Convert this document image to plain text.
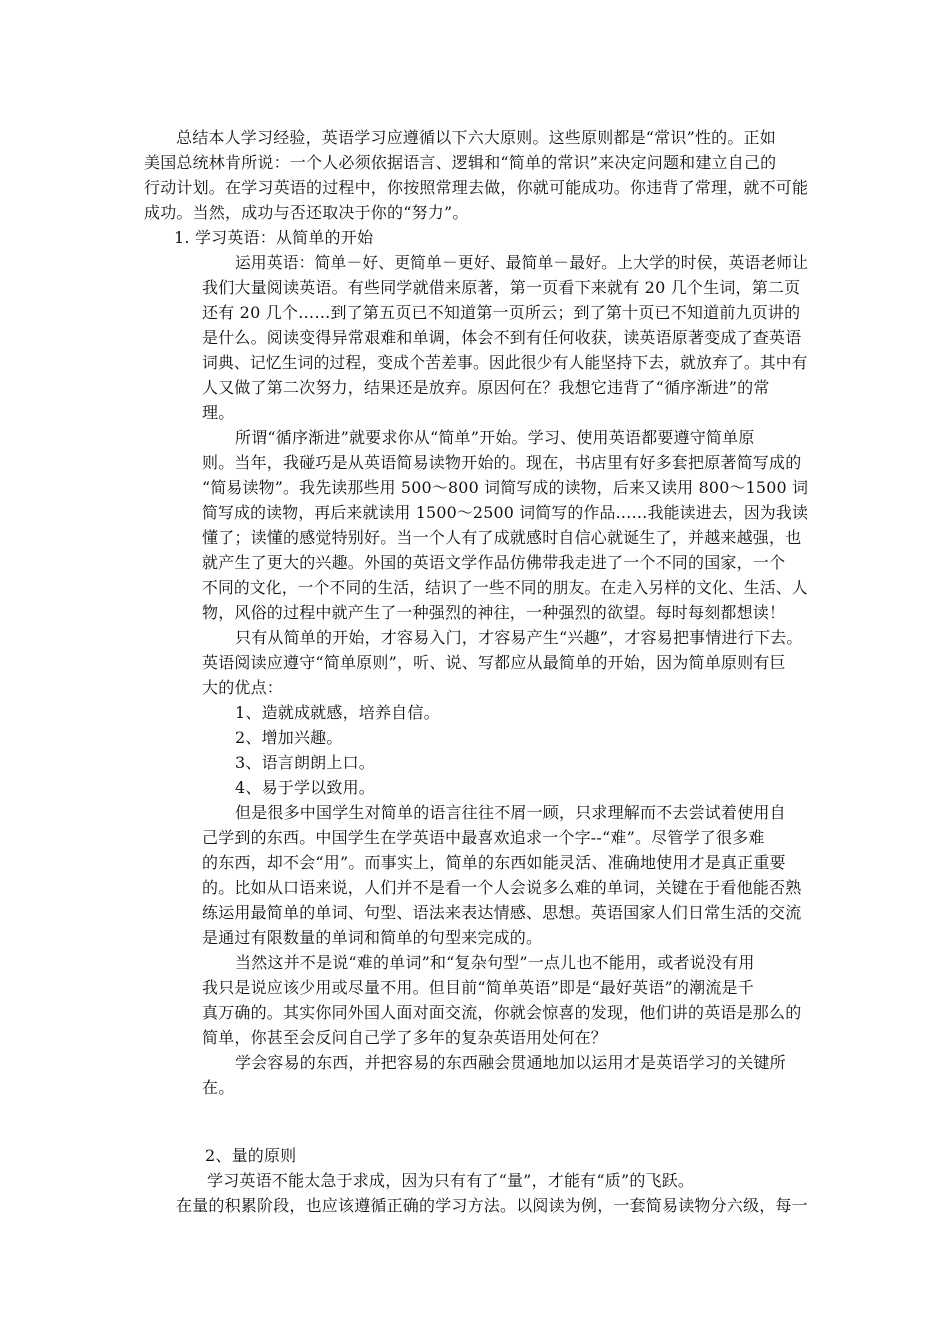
总结本人学习经验，英语学习应遵循以下六大原则。这些原则都是“常识”性的。正如
美国总统林肯所说：一个人必须依据语言、逻辑和“简单的常识”来决定问题和建立自己的
行动计划。在学习英语的过程中，你按照常理去做，你就可能成功。你违背了常理，就不可能
成功。当然，成功与否还取决于你的“努力”。
1. 学习英语：从简单的开始
运用英语：简单－好、更简单－更好、最简单－最好。上大学的时侯，英语老师让
我们大量阅读英语。有些同学就借来原著，第一页看下来就有 20 几个生词，第二页
还有 20 几个……到了第五页已不知道第一页所云；到了第十页已不知道前九页讲的
是什么。阅读变得异常艰难和单调，体会不到有任何收获，读英语原著变成了查英语
词典、记忆生词的过程，变成个苦差事。因此很少有人能坚持下去，就放弃了。其中有
人又做了第二次努力，结果还是放弃。原因何在？我想它违背了“循序渐进”的常
理。
所谓“循序渐进”就要求你从“简单”开始。学习、使用英语都要遵守简单原
则。当年，我碰巧是从英语简易读物开始的。现在，书店里有好多套把原著简写成的
“简易读物”。我先读那些用 500～800 词简写成的读物，后来又读用 800～1500 词
简写成的读物，再后来就读用 1500～2500 词简写的作品……我能读进去，因为我读
懂了；读懂的感觉特别好。当一个人有了成就感时自信心就诞生了，并越来越强，也
就产生了更大的兴趣。外国的英语文学作品仿佛带我走进了一个不同的国家，一个
不同的文化，一个不同的生活，结识了一些不同的朋友。在走入另样的文化、生活、人
物，风俗的过程中就产生了一种强烈的神往，一种强烈的欲望。每时每刻都想读！
只有从简单的开始，才容易入门，才容易产生“兴趣”，才容易把事情进行下去。
英语阅读应遵守“简单原则”，听、说、写都应从最简单的开始，因为简单原则有巨
大的优点：
1、造就成就感，培养自信。
2、增加兴趣。
3、语言朗朗上口。
4、易于学以致用。
但是很多中国学生对简单的语言往往不屑一顾，只求理解而不去尝试着使用自
己学到的东西。中国学生在学英语中最喜欢追求一个字--“难”。尽管学了很多难
的东西，却不会“用”。而事实上，简单的东西如能灵活、准确地使用才是真正重要
的。比如从口语来说，人们并不是看一个人会说多么难的单词，关键在于看他能否熟
练运用最简单的单词、句型、语法来表达情感、思想。英语国家人们日常生活的交流
是通过有限数量的单词和简单的句型来完成的。
当然这并不是说“难的单词”和“复杂句型”一点儿也不能用，或者说没有用
我只是说应该少用或尽量不用。但目前“简单英语”即是“最好英语”的潮流是千
真万确的。其实你同外国人面对面交流，你就会惊喜的发现，他们讲的英语是那么的
简单，你甚至会反问自己学了多年的复杂英语用处何在？
学会容易的东西，并把容易的东西融会贯通地加以运用才是英语学习的关键所
在。
2、量的原则
学习英语不能太急于求成，因为只有有了“量”，才能有“质”的飞跃。
在量的积累阶段，也应该遵循正确的学习方法。以阅读为例，一套简易读物分六级，每一
